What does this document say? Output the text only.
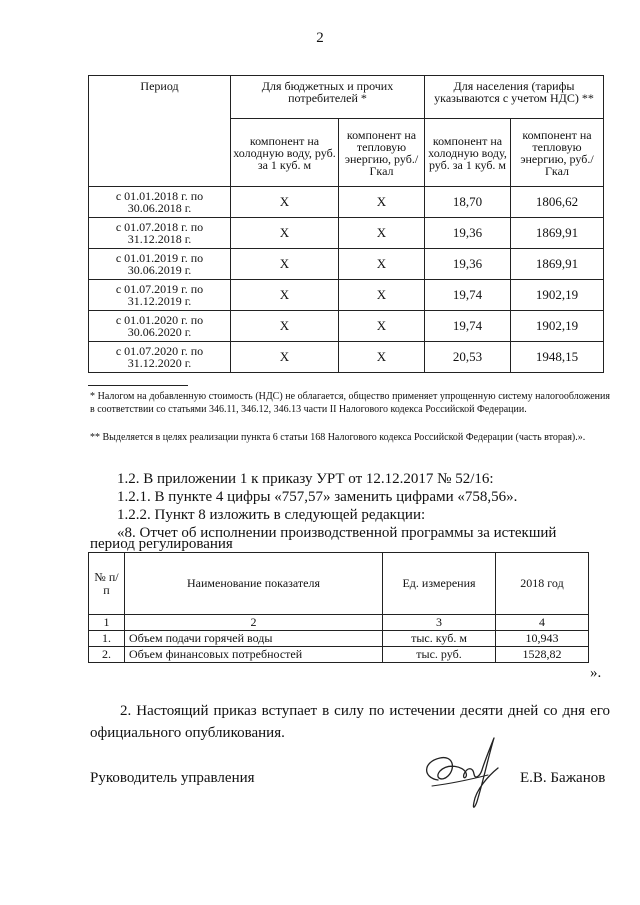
2
Период	Для бюджетных и прочих потребителей *		Для населения (тарифы указываются с учетом НДС) **	
	компонент на холодную воду, руб. за 1 куб. м	компонент на тепловую энергию, руб./Гкал	компонент на холодную воду, руб. за 1 куб. м	компонент на тепловую энергию, руб./Гкал
с 01.01.2018 г. по 30.06.2018 г.	Х	Х	18,70	1806,62
с 01.07.2018 г. по 31.12.2018 г.	Х	Х	19,36	1869,91
с 01.01.2019 г. по 30.06.2019 г.	Х	Х	19,36	1869,91
с 01.07.2019 г. по 31.12.2019 г.	Х	Х	19,74	1902,19
с 01.01.2020 г. по 30.06.2020 г.	Х	Х	19,74	1902,19
с 01.07.2020 г. по 31.12.2020 г.	Х	Х	20,53	1948,15
* Налогом на добавленную стоимость (НДС) не облагается, общество применяет упрощенную систему налогообложения в соответствии со статьями 346.11, 346.12, 346.13 части II Налогового кодекса Российской Федерации.
** Выделяется в целях реализации пункта 6 статьи 168 Налогового кодекса Российской Федерации (часть вторая).».
1.2. В приложении 1 к приказу УРТ от 12.12.2017 № 52/16:
1.2.1. В пункте 4 цифры «757,57» заменить цифрами «758,56».
1.2.2. Пункт 8 изложить в следующей редакции:
«8. Отчет об исполнении производственной программы за истекший
период регулирования
№ п/п	Наименование показателя	Ед. измерения	2018 год
1	2	3	4
1.	Объем подачи горячей воды	тыс. куб. м	10,943
2.	Объем финансовых потребностей	тыс. руб.	1528,82
».
2. Настоящий приказ вступает в силу по истечении десяти дней со дня его официального опубликования.
Руководитель управления	Е.В. Бажанов
